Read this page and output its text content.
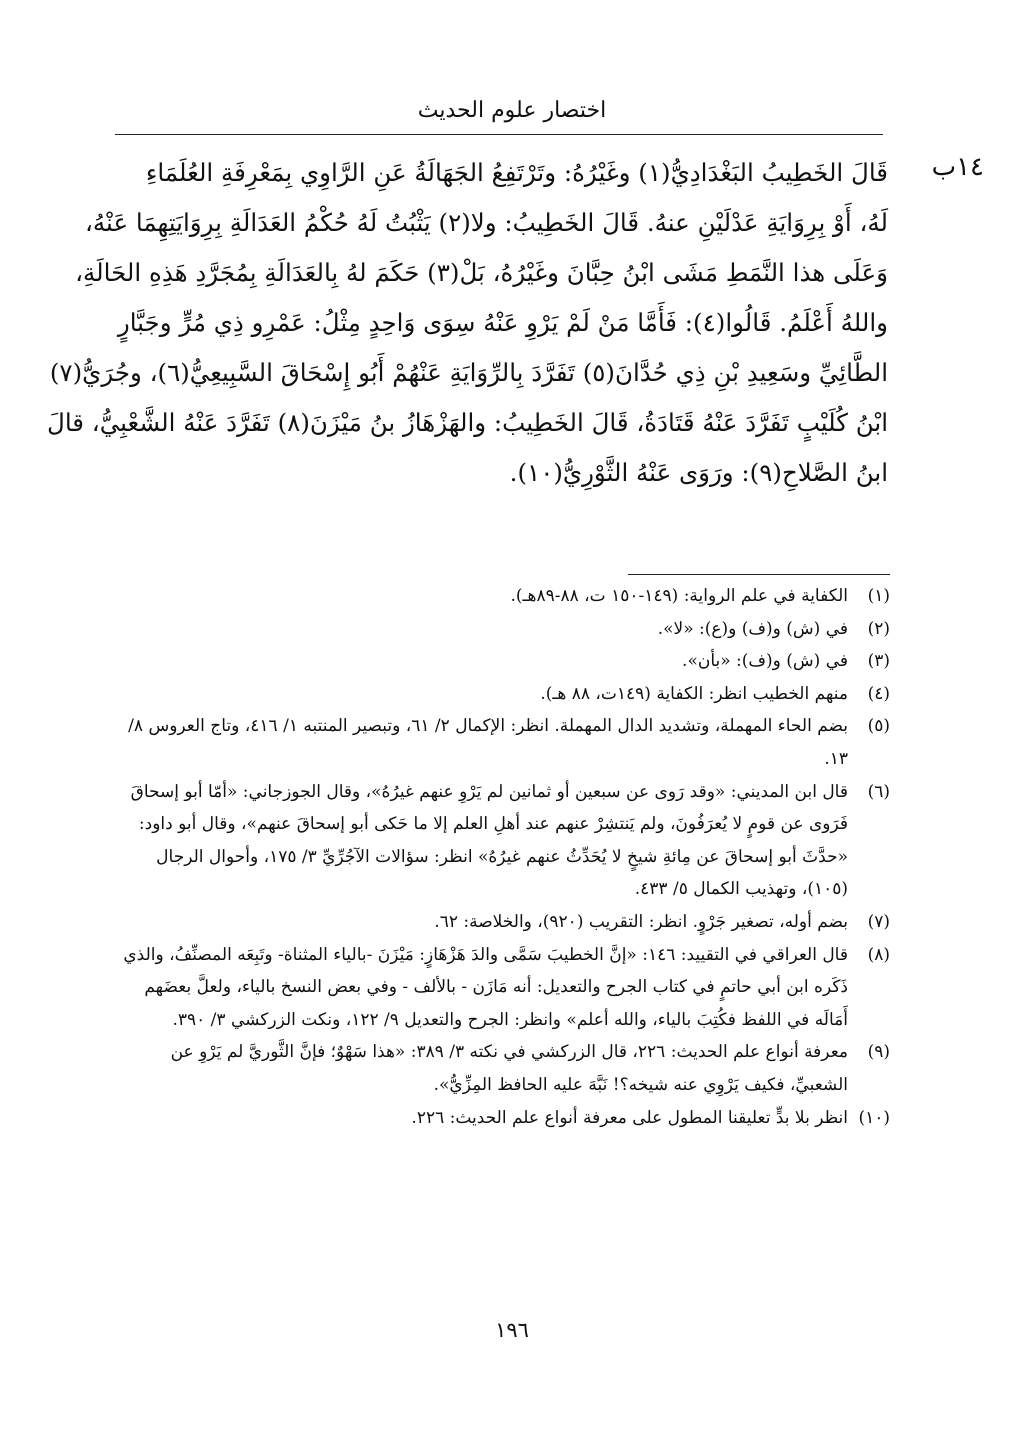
اختصار علوم الحديث
١٤ب
قَالَ الخَطِيبُ البَغْدَادِيُّ(١) وغَيْرُهُ: وتَرْتَفِعُ الجَهَالَةُ عَنِ الرَّاوِي بِمَعْرِفَةِ العُلَمَاءِ
لَهُ، أَوْ بِرِوَايَةِ عَدْلَيْنِ عنهُ. قَالَ الخَطِيبُ: ولا(٢) يَثْبُتُ لَهُ حُكْمُ العَدَالَةِ بِرِوَايَتِهِمَا عَنْهُ،
وَعَلَى هذا النَّمَطِ مَشَى ابْنُ حِبَّانَ وغَيْرُهُ، بَلْ(٣) حَكَمَ لهُ بِالعَدَالَةِ بِمُجَرَّدِ هَذِهِ الحَالَةِ،
واللهُ أَعْلَمُ. قَالُوا(٤): فَأَمَّا مَنْ لَمْ يَرْوِ عَنْهُ سِوَى وَاحِدٍ مِثْلُ: عَمْرِو ذِي مُرٍّ وجَبَّارٍ
الطَّائِيِّ وسَعِيدِ بْنِ ذِي حُدَّانَ(٥) تَفَرَّدَ بِالرِّوَايَةِ عَنْهُمْ أَبُو إِسْحَاقَ السَّبِيعِيُّ(٦)، وجُرَيُّ(٧)
ابْنُ كُلَيْبٍ تَفَرَّدَ عَنْهُ قَتَادَةُ، قَالَ الخَطِيبُ: والهَزْهَازُ بنُ مَيْزَنَ(٨) تَفَرَّدَ عَنْهُ الشَّعْبِيُّ، قالَ
ابنُ الصَّلاحِ(٩): ورَوَى عَنْهُ الثَّوْرِيُّ(١٠).

(١)
الكفاية في علم الرواية: (١٤٩-١٥٠ ت، ٨٨-٨٩هـ).

(٢)
في (ش) و(ف) و(ع): «لا».

(٣)
في (ش) و(ف): «بأن».

(٤)
منهم الخطيب انظر: الكفاية (١٤٩ت، ٨٨ هـ).

(٥)
بضم الحاء المهملة، وتشديد الدال المهملة. انظر: الإكمال ٢/ ٦١، وتبصير المنتبه ١/ ٤١٦، وتاج العروس ٨/ ١٣.

(٦)
قال ابن المديني: «وقد رَوى عن سبعين أو ثمانين لم يَرْوِ عنهم غيرُهُ»، وقال الجوزجاني: «أمّا أبو إسحاقَ فَرَوى عن قومٍ لا يُعرَفُونَ، ولم يَنتشِرْ عنهم عند أهلِ العلم إلا ما حَكى أبو إسحاقَ عنهم»، وقال أبو داود: «حدَّثَ أبو إسحاقَ عن مِائةِ شيخٍ لا يُحَدِّثُ عنهم غيرُهُ» انظر: سؤالات الآجُرِّيِّ ٣/ ١٧٥، وأحوال الرجال (١٠٥)، وتهذيب الكمال ٥/ ٤٣٣.

(٧)
بضم أوله، تصغير جَرْوٍ. انظر: التقريب (٩٢٠)، والخلاصة: ٦٢.

(٨)
قال العراقي في التقييد: ١٤٦: «إنَّ الخطيبَ سَمَّى والدَ هَزْهَازٍ: مَيْزَنَ -بالياء المثناة- وتَبِعَه المصنِّفُ، والذي ذَكَره ابن أبي حاتمٍ في كتاب الجرح والتعديل: أنه مَازَن - بالألف - وفي بعض النسخ بالياء، ولعلَّ بعضَهم أَمَالَه في اللفظ فكُتِبَ بالياء، والله أعلم» وانظر: الجرح والتعديل ٩/ ١٢٢، ونكت الزركشي ٣/ ٣٩٠.

(٩)
معرفة أنواع علم الحديث: ٢٢٦، قال الزركشي في نكته ٣/ ٣٨٩: «هذا سَهْوٌ؛ فإنَّ الثَّوريَّ لم يَرْوِ عن الشعبيِّ، فكيف يَرْوِي عنه شيخه؟! نَبَّهَ عليه الحافظ المِزِّيُّ».

(١٠)
انظر بلا بدٍّ تعليقنا المطول على معرفة أنواع علم الحديث: ٢٢٦.

١٩٦
